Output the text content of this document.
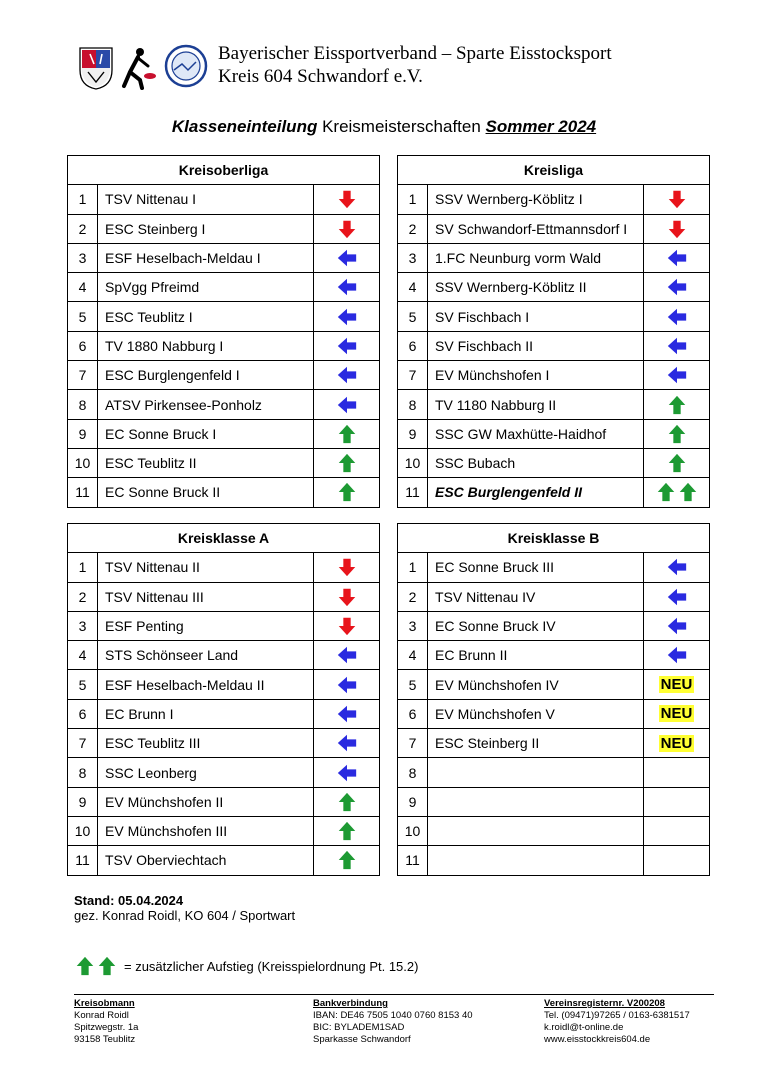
Bayerischer Eissportverband – Sparte Eisstocksport
Kreis 604 Schwandorf e.V.
Klasseneinteilung Kreismeisterschaften Sommer 2024
Kreisoberliga		
1	TSV Nittenau I	
2	ESC Steinberg I	
3	ESF Heselbach-Meldau I	
4	SpVgg Pfreimd	
5	ESC Teublitz I	
6	TV 1880 Nabburg I	
7	ESC Burglengenfeld I	
8	ATSV Pirkensee-Ponholz	
9	EC Sonne Bruck I	
10	ESC Teublitz II	
11	EC Sonne Bruck II	
Kreisliga		
1	SSV Wernberg-Köblitz I	
2	SV Schwandorf-Ettmannsdorf I	
3	1.FC Neunburg vorm Wald	
4	SSV Wernberg-Köblitz II	
5	SV Fischbach I	
6	SV Fischbach II	
7	EV Münchshofen I	
8	TV 1180 Nabburg II	
9	SSC GW Maxhütte-Haidhof	
10	SSC Bubach	
11	ESC Burglengenfeld II	
Kreisklasse A		
1	TSV Nittenau II	
2	TSV Nittenau III	
3	ESF Penting	
4	STS Schönseer Land	
5	ESF Heselbach-Meldau II	
6	EC Brunn I	
7	ESC Teublitz III	
8	SSC Leonberg	
9	EV Münchshofen II	
10	EV Münchshofen III	
11	TSV Oberviechtach	
Kreisklasse B		
1	EC Sonne Bruck III	
2	TSV Nittenau IV	
3	EC Sonne Bruck IV	
4	EC Brunn II	
5	EV Münchshofen IV	NEU
6	EV Münchshofen V	NEU
7	ESC Steinberg II	NEU
8		
9		
10		
11		
Stand: 05.04.2024
gez. Konrad Roidl, KO 604 / Sportwart
= zusätzlicher Aufstieg (Kreisspielordnung Pt. 15.2)
Kreisobmann
Konrad Roidl
Spitzwegstr. 1a
93158 Teublitz
Bankverbindung
IBAN: DE46 7505 1040 0760 8153 40
BIC: BYLADEM1SAD
Sparkasse Schwandorf
Vereinsregisternr. V200208
Tel. (09471)97265 / 0163-6381517
k.roidl@t-online.de
www.eisstockkreis604.de
